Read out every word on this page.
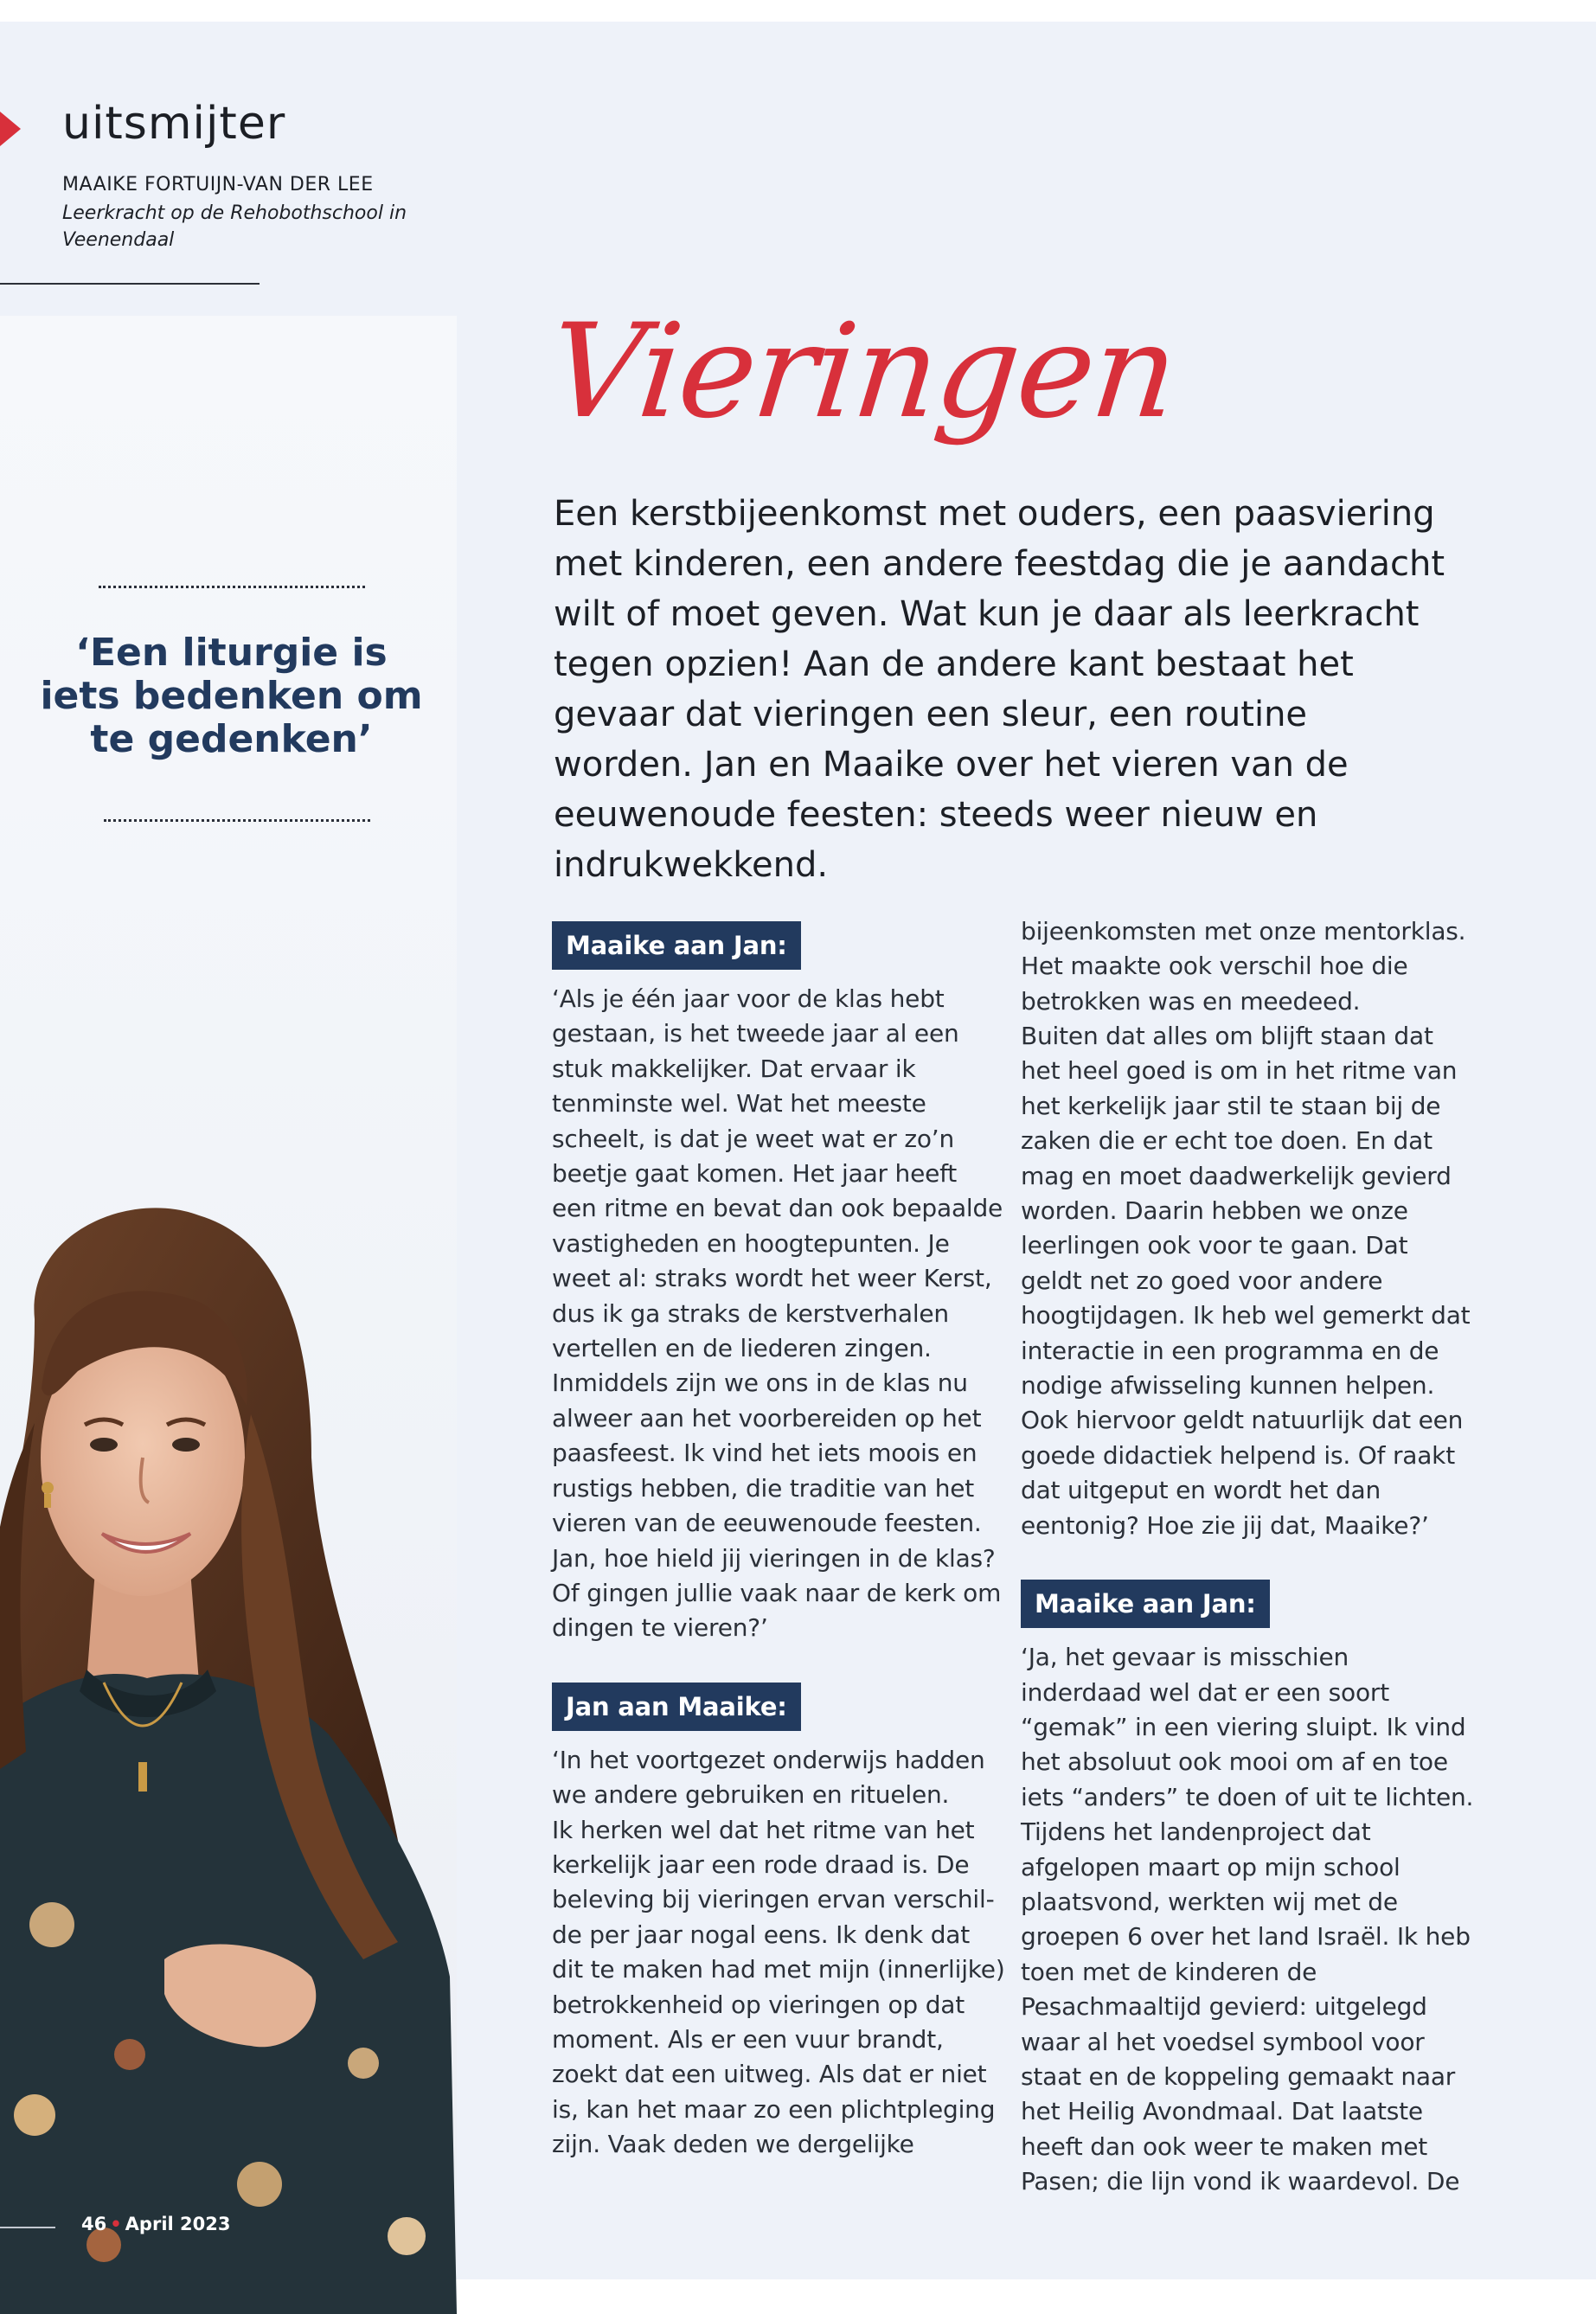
uitsmijter
MAAIKE FORTUIJN-VAN DER LEE
Leerkracht op de Rehobothschool in Veenendaal
Vieringen
Een kerstbijeenkomst met ouders, een paasviering met kinderen, een andere feestdag die je aandacht wilt of moet geven. Wat kun je daar als leerkracht tegen opzien! Aan de andere kant bestaat het gevaar dat vieringen een sleur, een routine worden. Jan en Maaike over het vieren van de eeuwenoude feesten: steeds weer nieuw en indrukwekkend.
‘Een liturgie is iets bedenken om te gedenken’
46 • April 2023
Maaike aan Jan:

‘Als je één jaar voor de klas hebt gestaan, is het tweede jaar al een stuk makkelijker. Dat ervaar ik tenminste wel. Wat het meeste scheelt, is dat je weet wat er zo’n beetje gaat komen. Het jaar heeft een ritme en bevat dan ook bepaalde vastigheden en hoogtepunten. Je weet al: straks wordt het weer Kerst, dus ik ga straks de kerstverhalen vertellen en de liederen zingen. Inmiddels zijn we ons in de klas nu alweer aan het voorbereiden op het paasfeest. Ik vind het iets moois en rustigs hebben, die traditie van het vieren van de eeuwenoude feesten. Jan, hoe hield jij vieringen in de klas? Of gingen jullie vaak naar de kerk om dingen te vieren?’

Jan aan Maaike:

‘In het voortgezet onderwijs hadden we andere gebruiken en rituelen.

Ik herken wel dat het ritme van het kerkelijk jaar een rode draad is. De beleving bij vieringen ervan verschilde per jaar nogal eens. Ik denk dat dit te maken had met mijn (innerlijke) betrokkenheid op vieringen op dat moment. Als er een vuur brandt, zoekt dat een uitweg. Als dat er niet is, kan het maar zo een plichtpleging zijn. Vaak deden we dergelijke

bijeenkomsten met onze mentorklas. Het maakte ook verschil hoe die betrokken was en meedeed.

Buiten dat alles om blijft staan dat het heel goed is om in het ritme van het kerkelijk jaar stil te staan bij de zaken die er echt toe doen. En dat mag en moet daadwerkelijk gevierd worden. Daarin hebben we onze leerlingen ook voor te gaan. Dat geldt net zo goed voor andere hoogtijdagen. Ik heb wel gemerkt dat interactie in een programma en de nodige afwisseling kunnen helpen. Ook hiervoor geldt natuurlijk dat een goede didactiek helpend is. Of raakt dat uitgeput en wordt het dan eentonig? Hoe zie jij dat, Maaike?’

Maaike aan Jan:

‘Ja, het gevaar is misschien inderdaad wel dat er een soort “gemak” in een viering sluipt. Ik vind het absoluut ook mooi om af en toe iets “anders” te doen of uit te lichten. Tijdens het landenproject dat afgelopen maart op mijn school plaatsvond, werkten wij met de groepen 6 over het land Israël. Ik heb toen met de kinderen de Pesachmaaltijd gevierd: uitgelegd waar al het voedsel symbool voor staat en de koppeling gemaakt naar het Heilig Avondmaal. Dat laatste heeft dan ook weer te maken met Pasen; die lijn vond ik waardevol. De
